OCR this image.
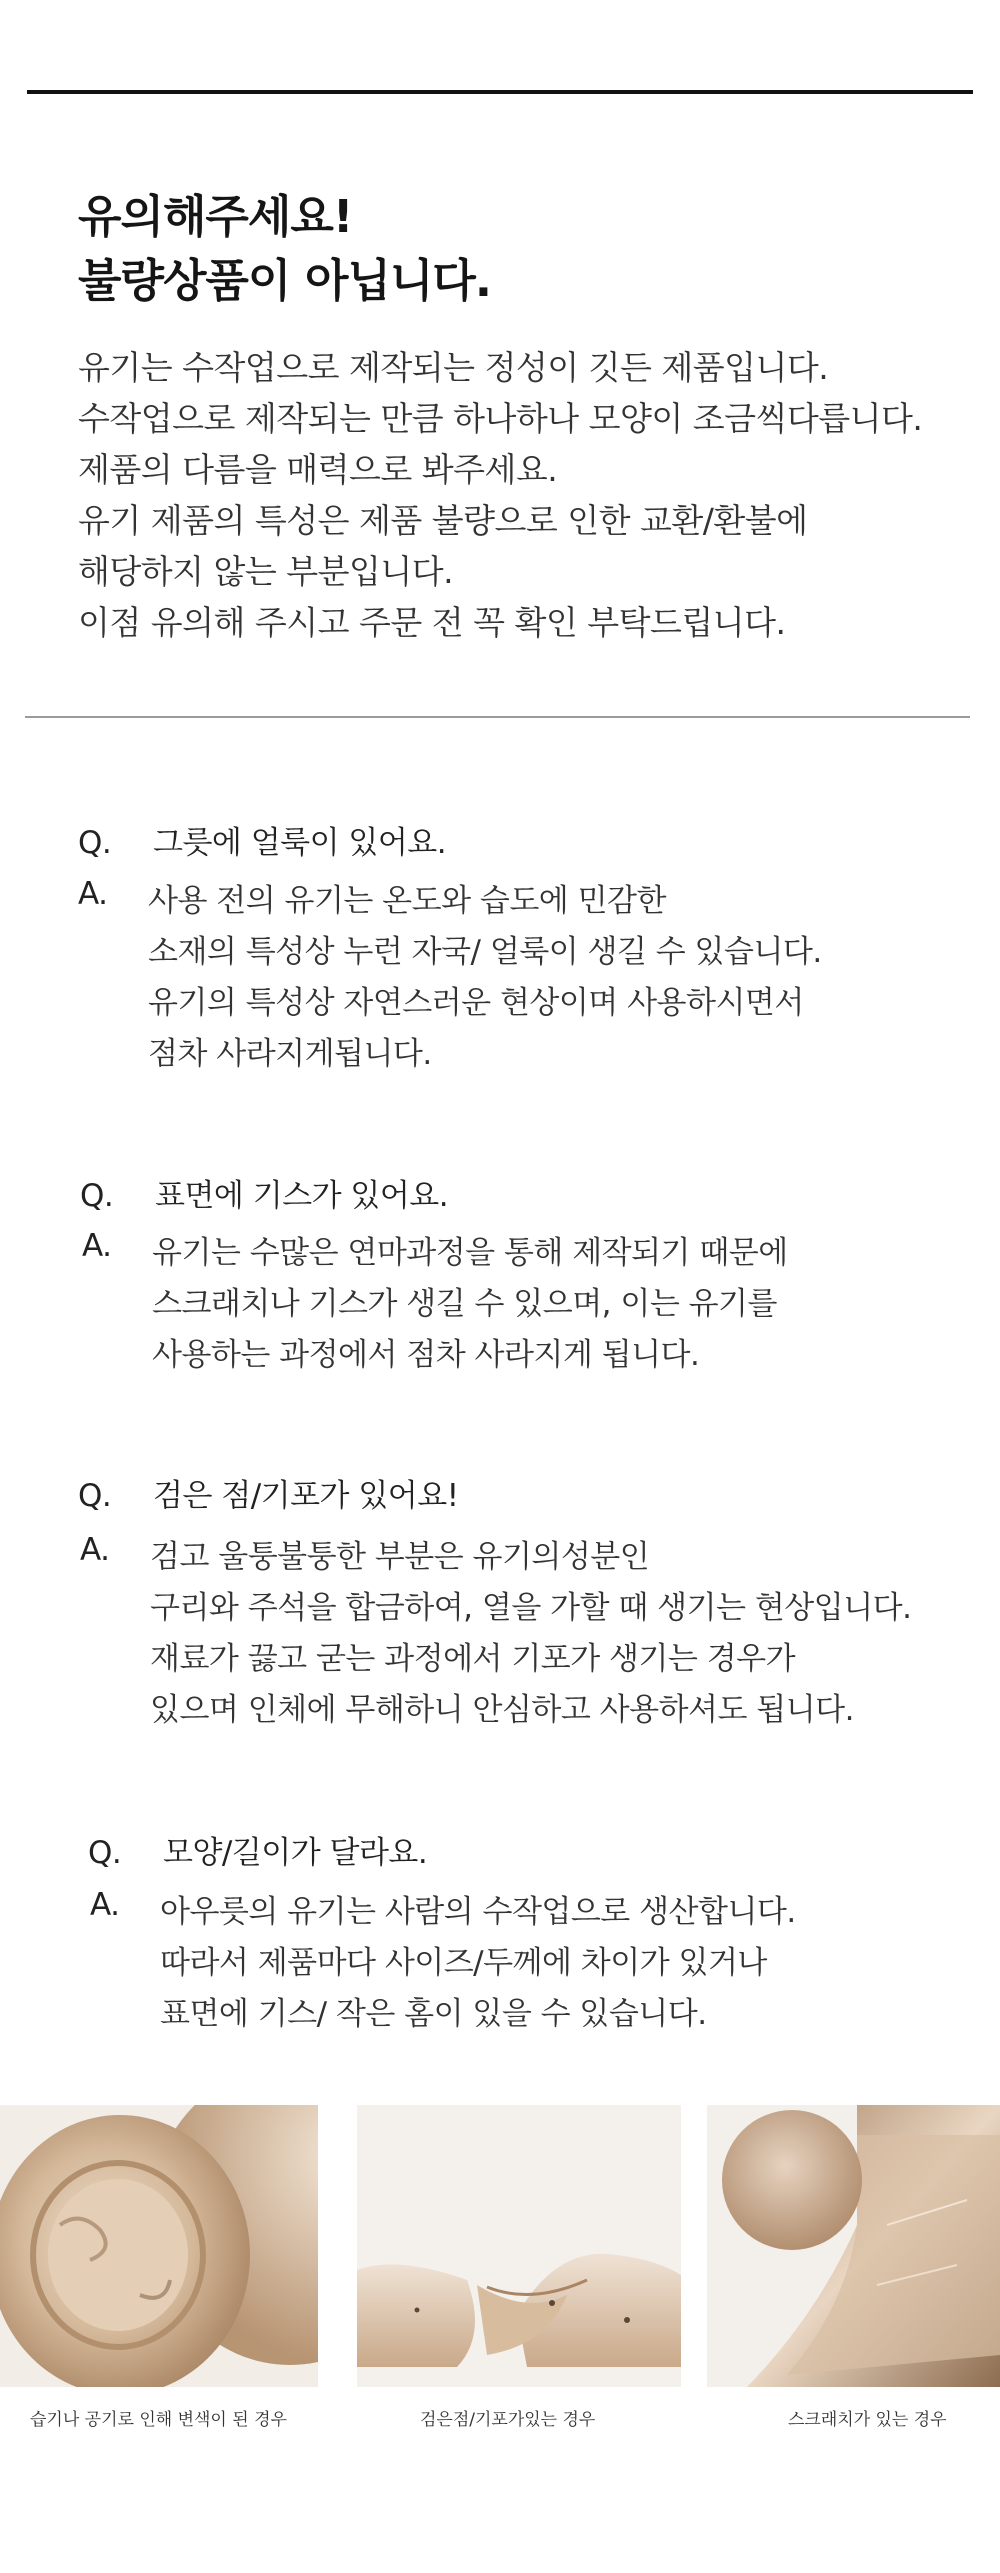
유의해주세요!
불량상품이 아닙니다.
유기는 수작업으로 제작되는 정성이 깃든 제품입니다.
수작업으로 제작되는 만큼 하나하나 모양이 조금씩다릅니다.
제품의 다름을 매력으로 봐주세요.
유기 제품의 특성은 제품 불량으로 인한 교환/환불에
해당하지 않는 부분입니다.
이점 유의해 주시고 주문 전 꼭 확인 부탁드립니다.
Q. 그릇에 얼룩이 있어요.
A. 사용 전의 유기는 온도와 습도에 민감한
소재의 특성상 누런 자국/ 얼룩이 생길 수 있습니다.
유기의 특성상 자연스러운 현상이며 사용하시면서
점차 사라지게됩니다.
Q. 표면에 기스가 있어요.
A. 유기는 수많은 연마과정을 통해 제작되기 때문에
스크래치나 기스가 생길 수 있으며, 이는 유기를
사용하는 과정에서 점차 사라지게 됩니다.
Q. 검은 점/기포가 있어요!
A. 검고 울퉁불퉁한 부분은 유기의성분인
구리와 주석을 합금하여, 열을 가할 때 생기는 현상입니다.
재료가 끓고 굳는 과정에서 기포가 생기는 경우가
있으며 인체에 무해하니 안심하고 사용하셔도 됩니다.
Q. 모양/길이가 달라요.
A. 아우릇의 유기는 사람의 수작업으로 생산합니다.
따라서 제품마다 사이즈/두께에 차이가 있거나
표면에 기스/ 작은 홈이 있을 수 있습니다.
습기나 공기로 인해 변색이 된 경우	검은점/기포가있는 경우	스크래치가 있는 경우
